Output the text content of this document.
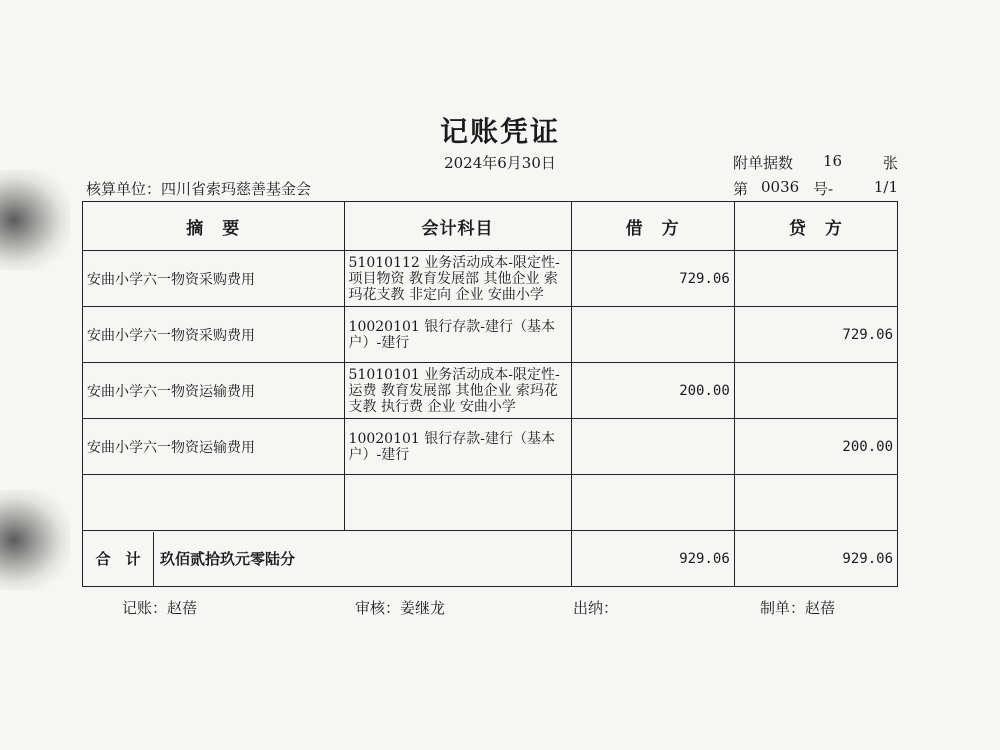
记账凭证
2024年6月30日	附单据数 16	张
核算单位：四川省索玛慈善基金会	第 0036 号-	1/1
摘　要	会计科目	借　方	贷　方
安曲小学六一物资采购费用	51010112 业务活动成本-限定性-项目物资 教育发展部 其他企业 索玛花支教 非定向 企业 安曲小学	729.06	
安曲小学六一物资采购费用	10020101 银行存款-建行（基本户）-建行		729.06
安曲小学六一物资运输费用	51010101 业务活动成本-限定性-运费 教育发展部 其他企业 索玛花支教 执行费 企业 安曲小学	200.00	
安曲小学六一物资运输费用	10020101 银行存款-建行（基本户）-建行		200.00

合　计 玖佰贰拾玖元零陆分		929.06	929.06
记账：赵蓓	审核：姜继龙	出纳：	制单：赵蓓
